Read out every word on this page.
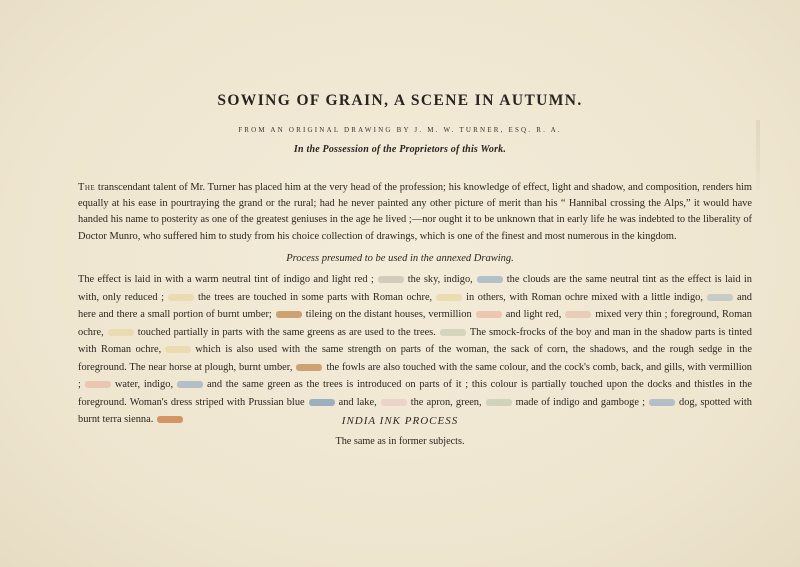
SOWING OF GRAIN, A SCENE IN AUTUMN.
FROM AN ORIGINAL DRAWING BY J. M. W. TURNER, ESQ. R. A.
In the Possession of the Proprietors of this Work.
The transcendant talent of Mr. Turner has placed him at the very head of the profession; his knowledge of effect, light and shadow, and composition, renders him equally at his ease in pourtraying the grand or the rural; had he never painted any other picture of merit than his “ Hannibal crossing the Alps,” it would have handed his name to posterity as one of the greatest geniuses in the age he lived ;—nor ought it to be unknown that in early life he was indebted to the liberality of Doctor Munro, who suffered him to study from his choice collection of drawings, which is one of the finest and most numerous in the kingdom.
Process presumed to be used in the annexed Drawing.
The effect is laid in with a warm neutral tint of indigo and light red ;	the sky, indigo,	the clouds are the same neutral tint as the effect is laid in with, only reduced ;	the trees are touched in some parts with Roman ochre,	in others, with Roman ochre mixed with a little indigo,	and here and there a small portion of burnt umber;	tileing on the distant houses, vermillion	and light red,	mixed very thin ; foreground, Roman ochre,	touched partially in parts with the same greens as are used to the trees.	The smock-frocks of the boy and man in the shadow parts is tinted with Roman ochre,	which is also used with the same strength on parts of the woman, the sack of corn, the shadows, and the rough sedge in the foreground. The near horse at plough, burnt umber,	the fowls are also touched with the same colour, and the cock's comb, back, and gills, with vermillion ;	water, indigo,	and the same green as the trees is introduced on parts of it ; this colour is partially touched upon the docks and thistles in the foreground. Woman's dress striped with Prussian blue	and lake,	the apron, green,	made of indigo and gamboge ;	dog, spotted with burnt terra sienna.	INDIA INK PROCESS
The same as in former subjects.
